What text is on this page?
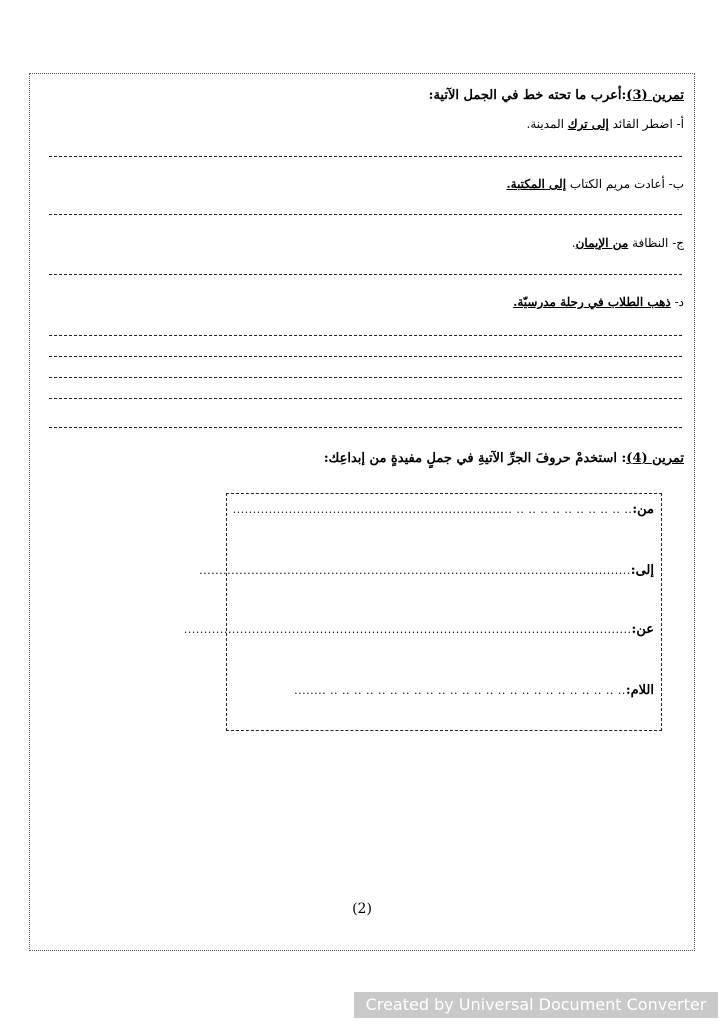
تمرين (3):أعرب ما تحته خط في الجمل الآتية:
أ- اضطر القائد إلى ترك المدينة.
ب- أعادت مريم الكتاب إلى المكتبة.
ج- النظافة من الإيمان.
د- ذهب الطلاب في رحلة مدرسيّة.
تمرين (4): استخدمْ حروفَ الجرِّ الآتيةِ في جملٍ مفيدةٍ من إبداعِك:
من:
...................................................................... .. .. .. .. .. .. .. .. .. ..
إلى:
............................................................................................................
عن:
................................................................................................................
اللام:
........ .. .. .. .. .. .. .. .. .. .. .. .. .. .. .. .. .. .. .. .. .. .. .. .. ..
(2)
Created by Universal Document Converter
